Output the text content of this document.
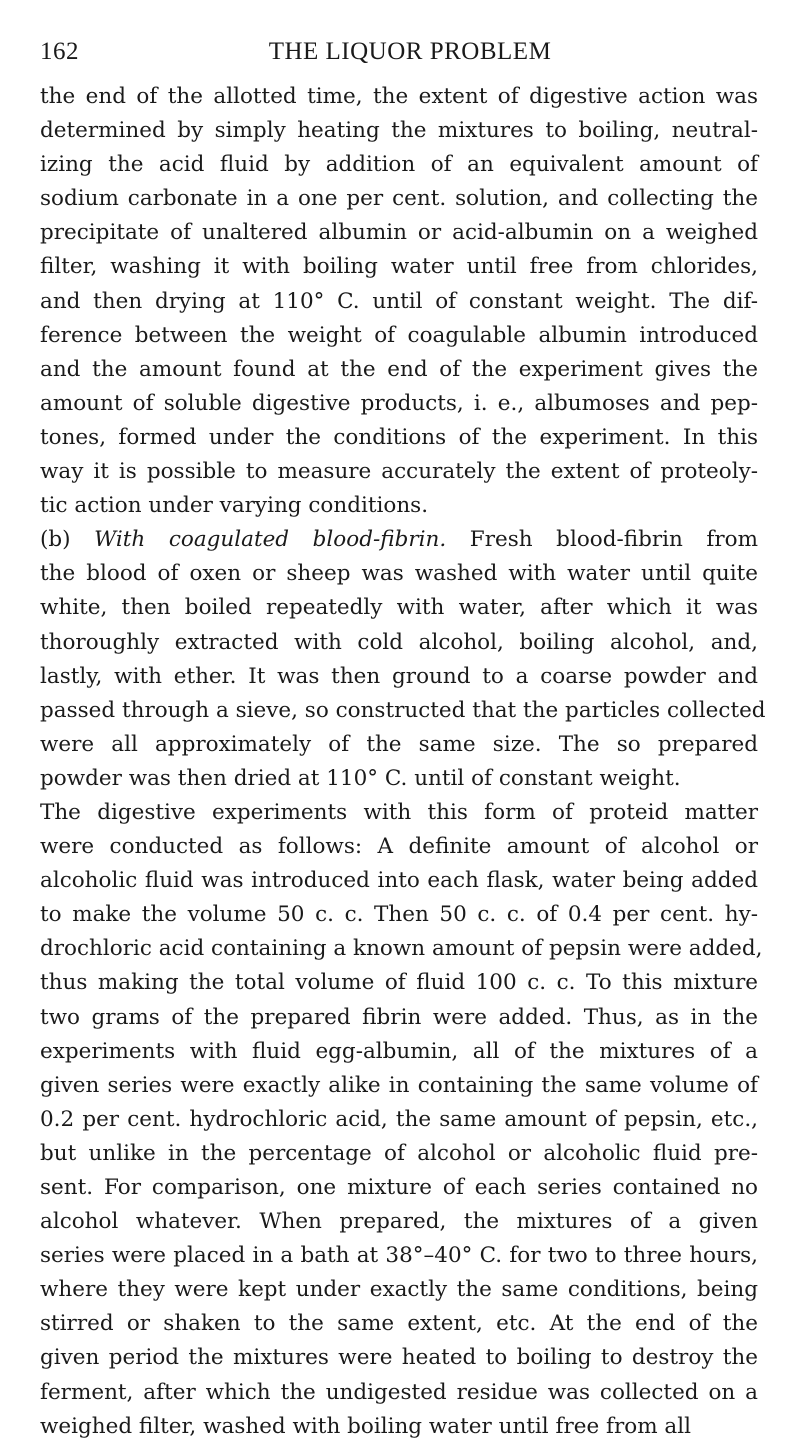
162	THE LIQUOR PROBLEM
the end of the allotted time, the extent of digestive action was
determined by simply heating the mixtures to boiling, neutral-
izing the acid fluid by addition of an equivalent amount of
sodium carbonate in a one per cent. solution, and collecting the
precipitate of unaltered albumin or acid-albumin on a weighed
filter, washing it with boiling water until free from chlorides,
and then drying at 110° C. until of constant weight. The dif-
ference between the weight of coagulable albumin introduced
and the amount found at the end of the experiment gives the
amount of soluble digestive products, i. e., albumoses and pep-
tones, formed under the conditions of the experiment. In this
way it is possible to measure accurately the extent of proteoly-
tic action under varying conditions.
(b) With coagulated blood-fibrin. Fresh blood-fibrin from
the blood of oxen or sheep was washed with water until quite
white, then boiled repeatedly with water, after which it was
thoroughly extracted with cold alcohol, boiling alcohol, and,
lastly, with ether. It was then ground to a coarse powder and
passed through a sieve, so constructed that the particles collected
were all approximately of the same size. The so prepared
powder was then dried at 110° C. until of constant weight.
The digestive experiments with this form of proteid matter
were conducted as follows: A definite amount of alcohol or
alcoholic fluid was introduced into each flask, water being added
to make the volume 50 c. c. Then 50 c. c. of 0.4 per cent. hy-
drochloric acid containing a known amount of pepsin were added,
thus making the total volume of fluid 100 c. c. To this mixture
two grams of the prepared fibrin were added. Thus, as in the
experiments with fluid egg-albumin, all of the mixtures of a
given series were exactly alike in containing the same volume of
0.2 per cent. hydrochloric acid, the same amount of pepsin, etc.,
but unlike in the percentage of alcohol or alcoholic fluid pre-
sent. For comparison, one mixture of each series contained no
alcohol whatever. When prepared, the mixtures of a given
series were placed in a bath at 38°–40° C. for two to three hours,
where they were kept under exactly the same conditions, being
stirred or shaken to the same extent, etc. At the end of the
given period the mixtures were heated to boiling to destroy the
ferment, after which the undigested residue was collected on a
weighed filter, washed with boiling water until free from all
